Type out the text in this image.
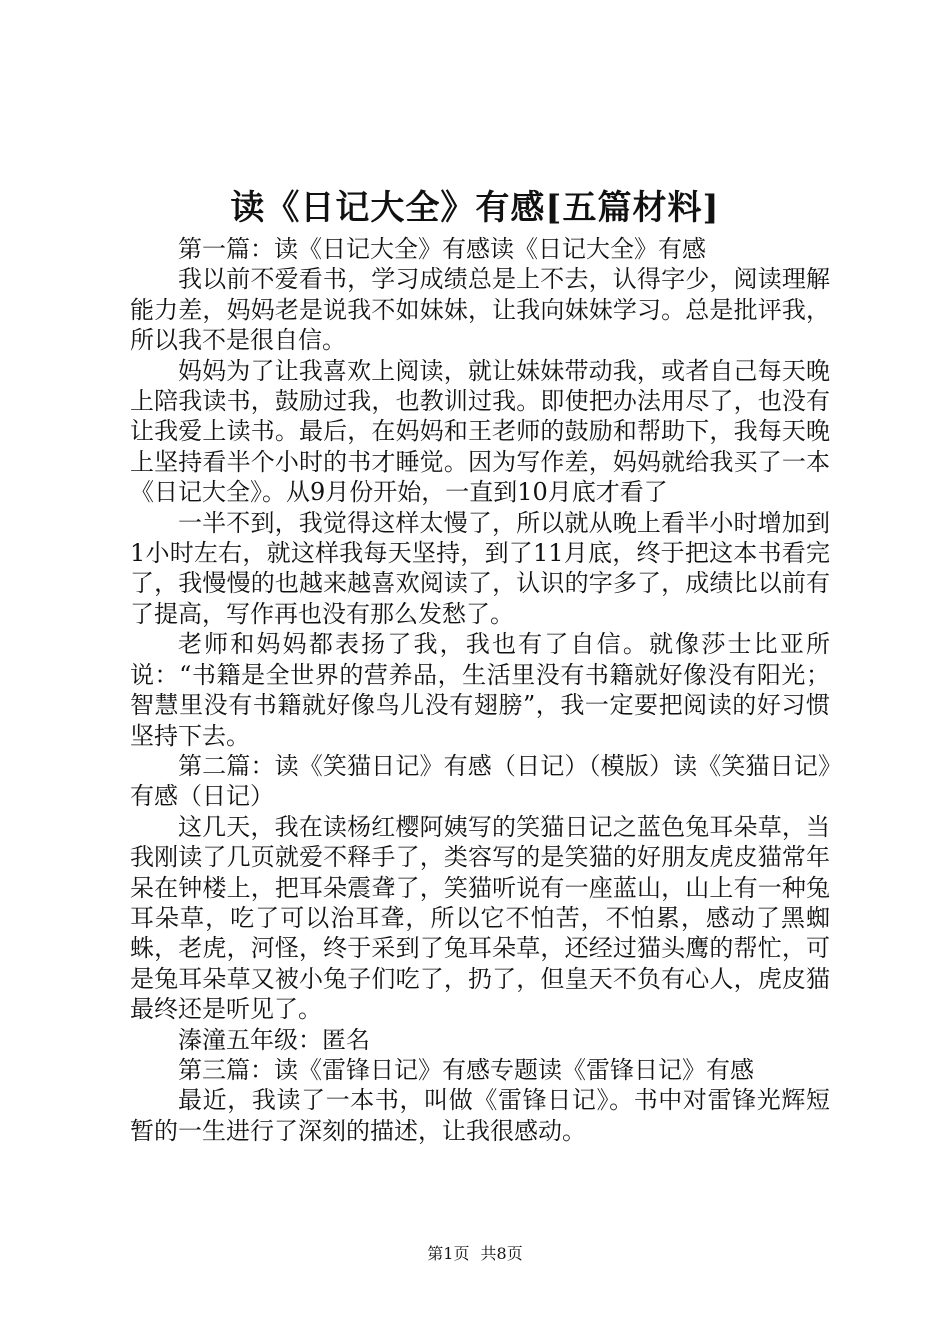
读《日记大全》有感[五篇材料]

第一篇：读《日记大全》有感读《日记大全》有感

我以前不爱看书，学习成绩总是上不去，认得字少，阅读理解能力差，妈妈老是说我不如妹妹，让我向妹妹学习。总是批评我，所以我不是很自信。

妈妈为了让我喜欢上阅读，就让妹妹带动我，或者自己每天晚上陪我读书，鼓励过我，也教训过我。即使把办法用尽了，也没有让我爱上读书。最后，在妈妈和王老师的鼓励和帮助下，我每天晚上坚持看半个小时的书才睡觉。因为写作差，妈妈就给我买了一本《日记大全》。从9月份开始，一直到10月底才看了

一半不到，我觉得这样太慢了，所以就从晚上看半小时增加到1小时左右，就这样我每天坚持，到了11月底，终于把这本书看完了，我慢慢的也越来越喜欢阅读了，认识的字多了，成绩比以前有了提高，写作再也没有那么发愁了。

老师和妈妈都表扬了我，我也有了自信。就像莎士比亚所说：“书籍是全世界的营养品，生活里没有书籍就好像没有阳光；智慧里没有书籍就好像鸟儿没有翅膀”，我一定要把阅读的好习惯坚持下去。

第二篇：读《笑猫日记》有感（日记）（模版）读《笑猫日记》有感（日记）

这几天，我在读杨红樱阿姨写的笑猫日记之蓝色兔耳朵草，当我刚读了几页就爱不释手了，类容写的是笑猫的好朋友虎皮猫常年呆在钟楼上，把耳朵震聋了，笑猫听说有一座蓝山，山上有一种兔耳朵草，吃了可以治耳聋，所以它不怕苦，不怕累，感动了黑蜘蛛，老虎，河怪，终于采到了兔耳朵草，还经过猫头鹰的帮忙，可是兔耳朵草又被小兔子们吃了，扔了，但皇天不负有心人，虎皮猫最终还是听见了。

溱潼五年级：匿名

第三篇：读《雷锋日记》有感专题读《雷锋日记》有感

最近，我读了一本书，叫做《雷锋日记》。书中对雷锋光辉短暂的一生进行了深刻的描述，让我很感动。

第1页 共8页
